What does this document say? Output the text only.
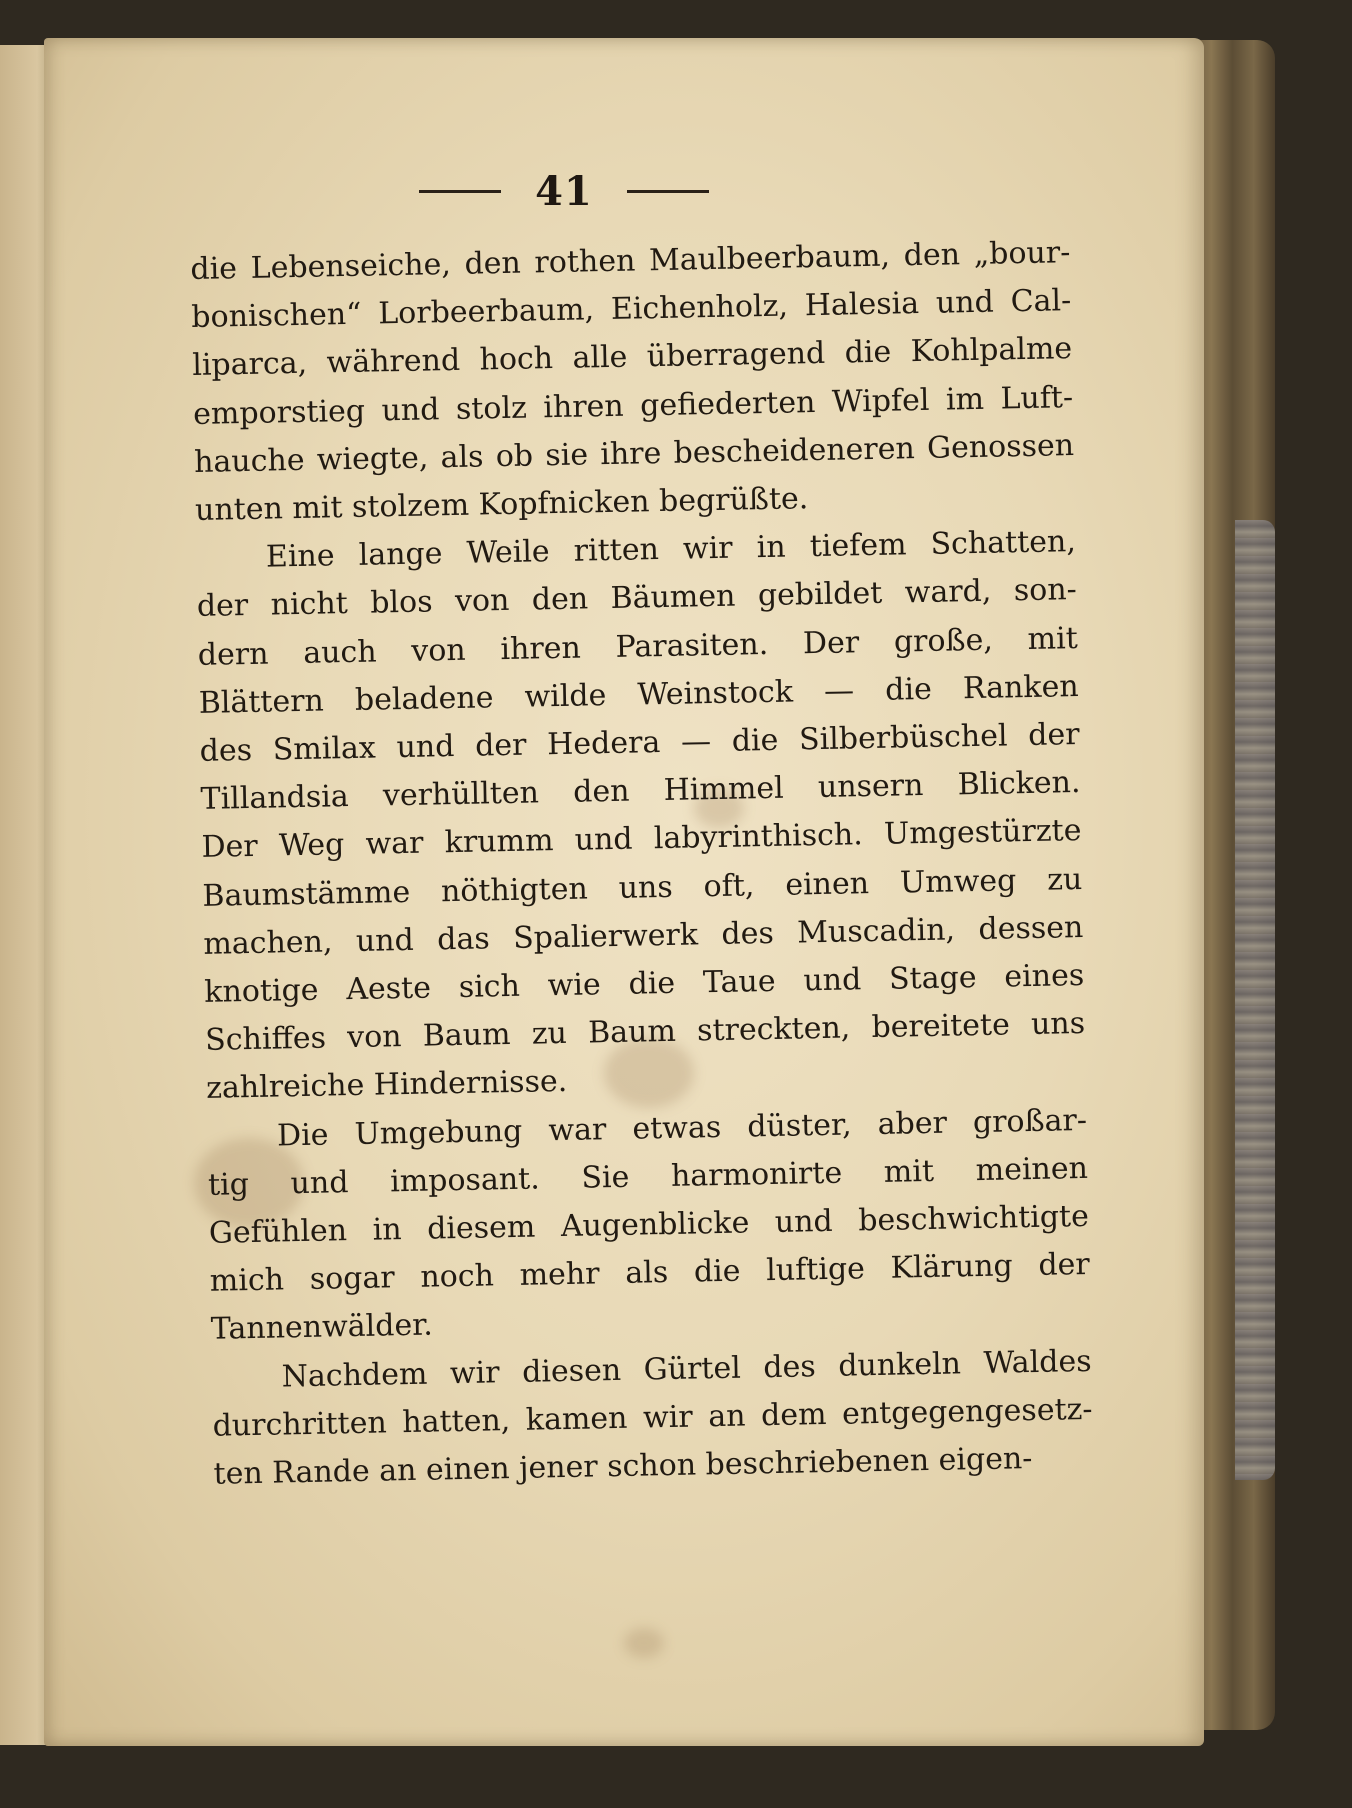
41

die Lebenseiche, den rothen Maulbeerbaum, den „bour-
bonischen“ Lorbeerbaum, Eichenholz, Halesia und Cal-
liparca, während hoch alle überragend die Kohlpalme
emporstieg und stolz ihren gefiederten Wipfel im Luft-
hauche wiegte, als ob sie ihre bescheideneren Genossen
unten mit stolzem Kopfnicken begrüßte.

Eine lange Weile ritten wir in tiefem Schatten,
der nicht blos von den Bäumen gebildet ward, son-
dern auch von ihren Parasiten. Der große, mit
Blättern beladene wilde Weinstock — die Ranken
des Smilax und der Hedera — die Silberbüschel der
Tillandsia verhüllten den Himmel unsern Blicken.
Der Weg war krumm und labyrinthisch. Umgestürzte
Baumstämme nöthigten uns oft, einen Umweg zu
machen, und das Spalierwerk des Muscadin, dessen
knotige Aeste sich wie die Taue und Stage eines
Schiffes von Baum zu Baum streckten, bereitete uns
zahlreiche Hindernisse.

Die Umgebung war etwas düster, aber großar-
tig und imposant. Sie harmonirte mit meinen
Gefühlen in diesem Augenblicke und beschwichtigte
mich sogar noch mehr als die luftige Klärung der
Tannenwälder.

Nachdem wir diesen Gürtel des dunkeln Waldes
durchritten hatten, kamen wir an dem entgegengesetz-
ten Rande an einen jener schon beschriebenen eigen-
